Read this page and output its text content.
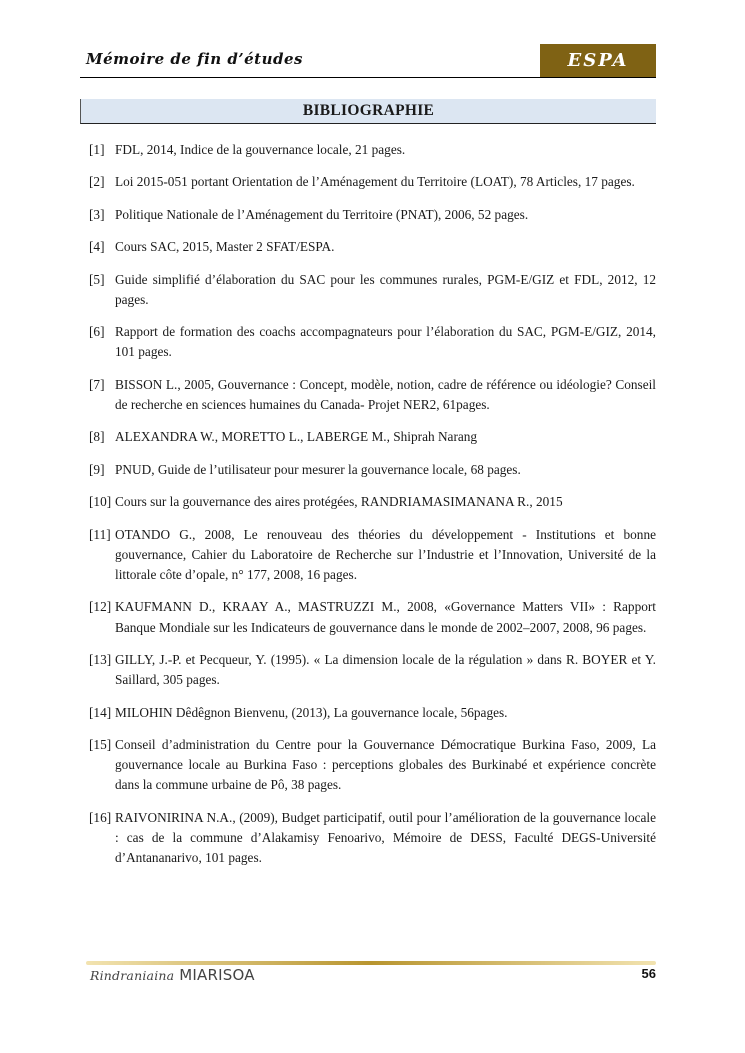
Mémoire de fin d’études	ESPA
BIBLIOGRAPHIE
[1] FDL, 2014, Indice de la gouvernance locale, 21 pages.
[2] Loi 2015-051 portant Orientation de l’Aménagement du Territoire (LOAT), 78 Articles, 17 pages.
[3] Politique Nationale de l’Aménagement du Territoire (PNAT), 2006, 52 pages.
[4] Cours SAC, 2015, Master 2 SFAT/ESPA.
[5] Guide simplifié d’élaboration du SAC pour les communes rurales, PGM-E/GIZ et FDL, 2012, 12 pages.
[6] Rapport de formation des coachs accompagnateurs pour l’élaboration du SAC, PGM-E/GIZ, 2014, 101 pages.
[7] BISSON L., 2005, Gouvernance : Concept, modèle, notion, cadre de référence ou idéologie? Conseil de recherche en sciences humaines du Canada- Projet NER2, 61pages.
[8] ALEXANDRA W., MORETTO L., LABERGE M., Shiprah Narang
[9] PNUD, Guide de l’utilisateur pour mesurer la gouvernance locale, 68 pages.
[10] Cours sur la gouvernance des aires protégées, RANDRIAMASIMANANA R., 2015
[11] OTANDO G., 2008, Le renouveau des théories du développement - Institutions et bonne gouvernance, Cahier du Laboratoire de Recherche sur l’Industrie et l’Innovation, Université de la littorale côte d’opale, n° 177, 2008, 16 pages.
[12] KAUFMANN D., KRAAY A., MASTRUZZI M., 2008, «Governance Matters VII» : Rapport Banque Mondiale sur les Indicateurs de gouvernance dans le monde de 2002–2007, 2008, 96 pages.
[13] GILLY, J.-P. et Pecqueur, Y. (1995). « La dimension locale de la régulation » dans R. BOYER et Y. Saillard, 305 pages.
[14] MILOHIN Dêdêgnon Bienvenu, (2013), La gouvernance locale, 56pages.
[15] Conseil d’administration du Centre pour la Gouvernance Démocratique Burkina Faso, 2009, La gouvernance locale au Burkina Faso : perceptions globales des Burkinabé et expérience concrète dans la commune urbaine de Pô, 38 pages.
[16] RAIVONIRINA N.A., (2009), Budget participatif, outil pour l’amélioration de la gouvernance locale : cas de la commune d’Alakamisy Fenoarivo, Mémoire de DESS, Faculté DEGS-Université d’Antananarivo, 101 pages.
Rindraniaina MIARISOA	56
